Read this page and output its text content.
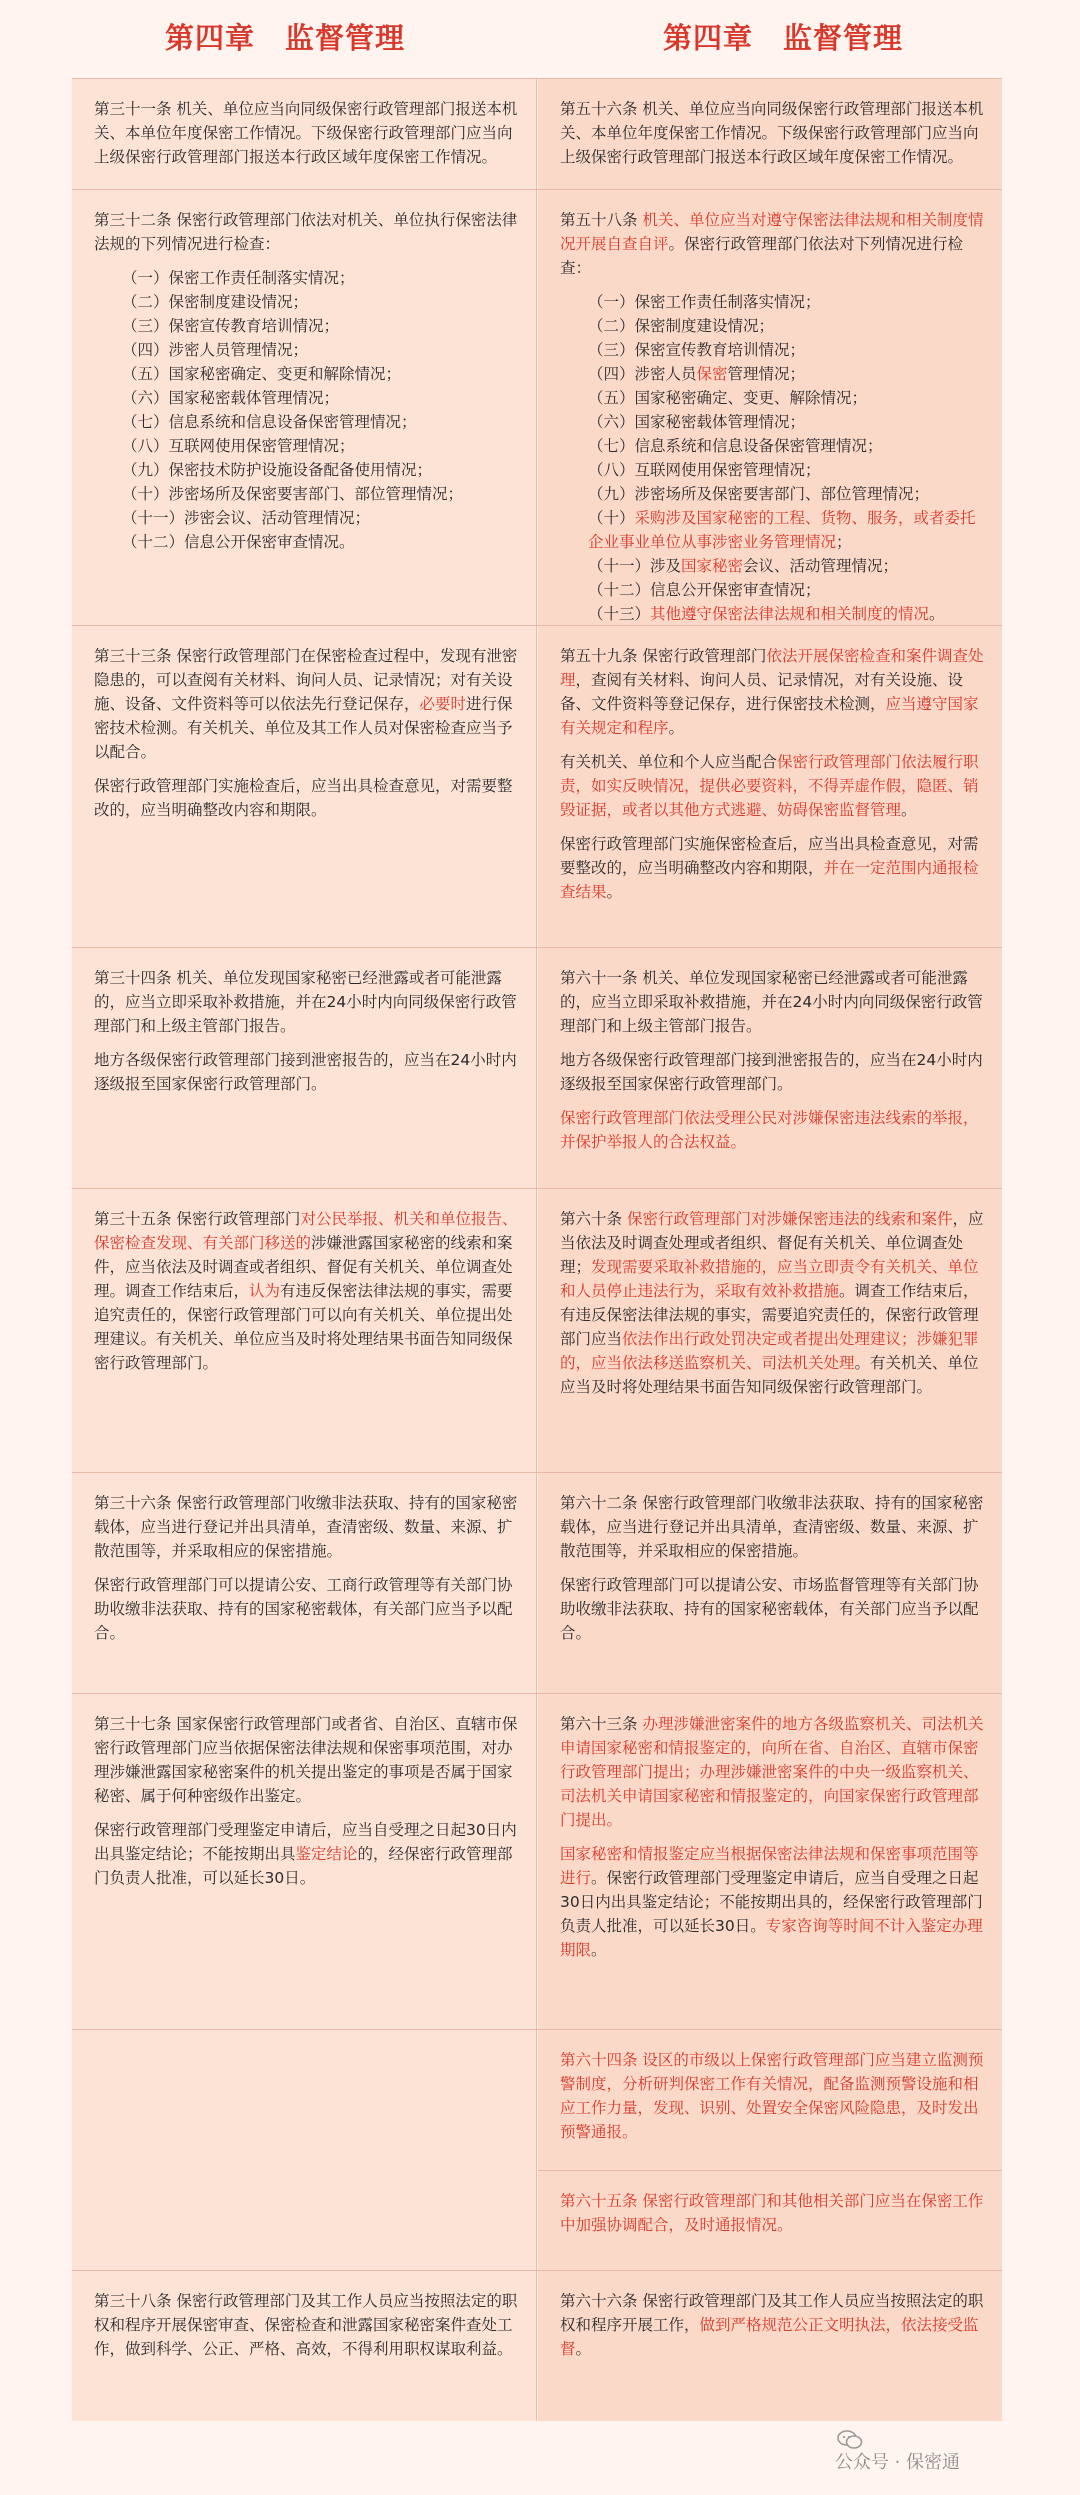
第四章　监督管理	第四章　监督管理

第三十一条 机关、单位应当向同级保密行政管理部门报送本机关、本单位年度保密工作情况。下级保密行政管理部门应当向上级保密行政管理部门报送本行政区域年度保密工作情况。

第五十六条 机关、单位应当向同级保密行政管理部门报送本机关、本单位年度保密工作情况。下级保密行政管理部门应当向上级保密行政管理部门报送本行政区域年度保密工作情况。

第三十二条 保密行政管理部门依法对机关、单位执行保密法律法规的下列情况进行检查：

（一）保密工作责任制落实情况；

（二）保密制度建设情况；

（三）保密宣传教育培训情况；

（四）涉密人员管理情况；

（五）国家秘密确定、变更和解除情况；

（六）国家秘密载体管理情况；

（七）信息系统和信息设备保密管理情况；

（八）互联网使用保密管理情况；

（九）保密技术防护设施设备配备使用情况；

（十）涉密场所及保密要害部门、部位管理情况；

（十一）涉密会议、活动管理情况；

（十二）信息公开保密审查情况。

第五十八条 机关、单位应当对遵守保密法律法规和相关制度情况开展自查自评。保密行政管理部门依法对下列情况进行检查：

（一）保密工作责任制落实情况；

（二）保密制度建设情况；

（三）保密宣传教育培训情况；

（四）涉密人员保密管理情况；

（五）国家秘密确定、变更、解除情况；

（六）国家秘密载体管理情况；

（七）信息系统和信息设备保密管理情况；

（八）互联网使用保密管理情况；

（九）涉密场所及保密要害部门、部位管理情况；

（十）采购涉及国家秘密的工程、货物、服务，或者委托企业事业单位从事涉密业务管理情况；

（十一）涉及国家秘密会议、活动管理情况；

（十二）信息公开保密审查情况；

（十三）其他遵守保密法律法规和相关制度的情况。

第三十三条 保密行政管理部门在保密检查过程中，发现有泄密隐患的，可以查阅有关材料、询问人员、记录情况；对有关设施、设备、文件资料等可以依法先行登记保存，必要时进行保密技术检测。有关机关、单位及其工作人员对保密检查应当予以配合。

保密行政管理部门实施检查后，应当出具检查意见，对需要整改的，应当明确整改内容和期限。

第五十九条 保密行政管理部门依法开展保密检查和案件调查处理，查阅有关材料、询问人员、记录情况，对有关设施、设备、文件资料等登记保存，进行保密技术检测，应当遵守国家有关规定和程序。

有关机关、单位和个人应当配合保密行政管理部门依法履行职责，如实反映情况，提供必要资料，不得弄虚作假，隐匿、销毁证据，或者以其他方式逃避、妨碍保密监督管理。

保密行政管理部门实施保密检查后，应当出具检查意见，对需要整改的，应当明确整改内容和期限，并在一定范围内通报检查结果。

第三十四条 机关、单位发现国家秘密已经泄露或者可能泄露的，应当立即采取补救措施，并在24小时内向同级保密行政管理部门和上级主管部门报告。

地方各级保密行政管理部门接到泄密报告的，应当在24小时内逐级报至国家保密行政管理部门。

第六十一条 机关、单位发现国家秘密已经泄露或者可能泄露的，应当立即采取补救措施，并在24小时内向同级保密行政管理部门和上级主管部门报告。

地方各级保密行政管理部门接到泄密报告的，应当在24小时内逐级报至国家保密行政管理部门。

保密行政管理部门依法受理公民对涉嫌保密违法线索的举报，并保护举报人的合法权益。

第三十五条 保密行政管理部门对公民举报、机关和单位报告、保密检查发现、有关部门移送的涉嫌泄露国家秘密的线索和案件，应当依法及时调查或者组织、督促有关机关、单位调查处理。调查工作结束后，认为有违反保密法律法规的事实，需要追究责任的，保密行政管理部门可以向有关机关、单位提出处理建议。有关机关、单位应当及时将处理结果书面告知同级保密行政管理部门。

第六十条 保密行政管理部门对涉嫌保密违法的线索和案件，应当依法及时调查处理或者组织、督促有关机关、单位调查处理；发现需要采取补救措施的，应当立即责令有关机关、单位和人员停止违法行为，采取有效补救措施。调查工作结束后，有违反保密法律法规的事实，需要追究责任的，保密行政管理部门应当依法作出行政处罚决定或者提出处理建议；涉嫌犯罪的，应当依法移送监察机关、司法机关处理。有关机关、单位应当及时将处理结果书面告知同级保密行政管理部门。

第三十六条 保密行政管理部门收缴非法获取、持有的国家秘密载体，应当进行登记并出具清单，查清密级、数量、来源、扩散范围等，并采取相应的保密措施。

保密行政管理部门可以提请公安、工商行政管理等有关部门协助收缴非法获取、持有的国家秘密载体，有关部门应当予以配合。

第六十二条 保密行政管理部门收缴非法获取、持有的国家秘密载体，应当进行登记并出具清单，查清密级、数量、来源、扩散范围等，并采取相应的保密措施。

保密行政管理部门可以提请公安、市场监督管理等有关部门协助收缴非法获取、持有的国家秘密载体，有关部门应当予以配合。

第三十七条 国家保密行政管理部门或者省、自治区、直辖市保密行政管理部门应当依据保密法律法规和保密事项范围，对办理涉嫌泄露国家秘密案件的机关提出鉴定的事项是否属于国家秘密、属于何种密级作出鉴定。

保密行政管理部门受理鉴定申请后，应当自受理之日起30日内出具鉴定结论；不能按期出具鉴定结论的，经保密行政管理部门负责人批准，可以延长30日。

第六十三条 办理涉嫌泄密案件的地方各级监察机关、司法机关申请国家秘密和情报鉴定的，向所在省、自治区、直辖市保密行政管理部门提出；办理涉嫌泄密案件的中央一级监察机关、司法机关申请国家秘密和情报鉴定的，向国家保密行政管理部门提出。

国家秘密和情报鉴定应当根据保密法律法规和保密事项范围等进行。保密行政管理部门受理鉴定申请后，应当自受理之日起30日内出具鉴定结论；不能按期出具的，经保密行政管理部门负责人批准，可以延长30日。专家咨询等时间不计入鉴定办理期限。

第六十四条 设区的市级以上保密行政管理部门应当建立监测预警制度，分析研判保密工作有关情况，配备监测预警设施和相应工作力量，发现、识别、处置安全保密风险隐患，及时发出预警通报。

第六十五条 保密行政管理部门和其他相关部门应当在保密工作中加强协调配合，及时通报情况。

第三十八条 保密行政管理部门及其工作人员应当按照法定的职权和程序开展保密审查、保密检查和泄露国家秘密案件查处工作，做到科学、公正、严格、高效，不得利用职权谋取利益。

第六十六条 保密行政管理部门及其工作人员应当按照法定的职权和程序开展工作，做到严格规范公正文明执法，依法接受监督。

公众号 · 保密通
